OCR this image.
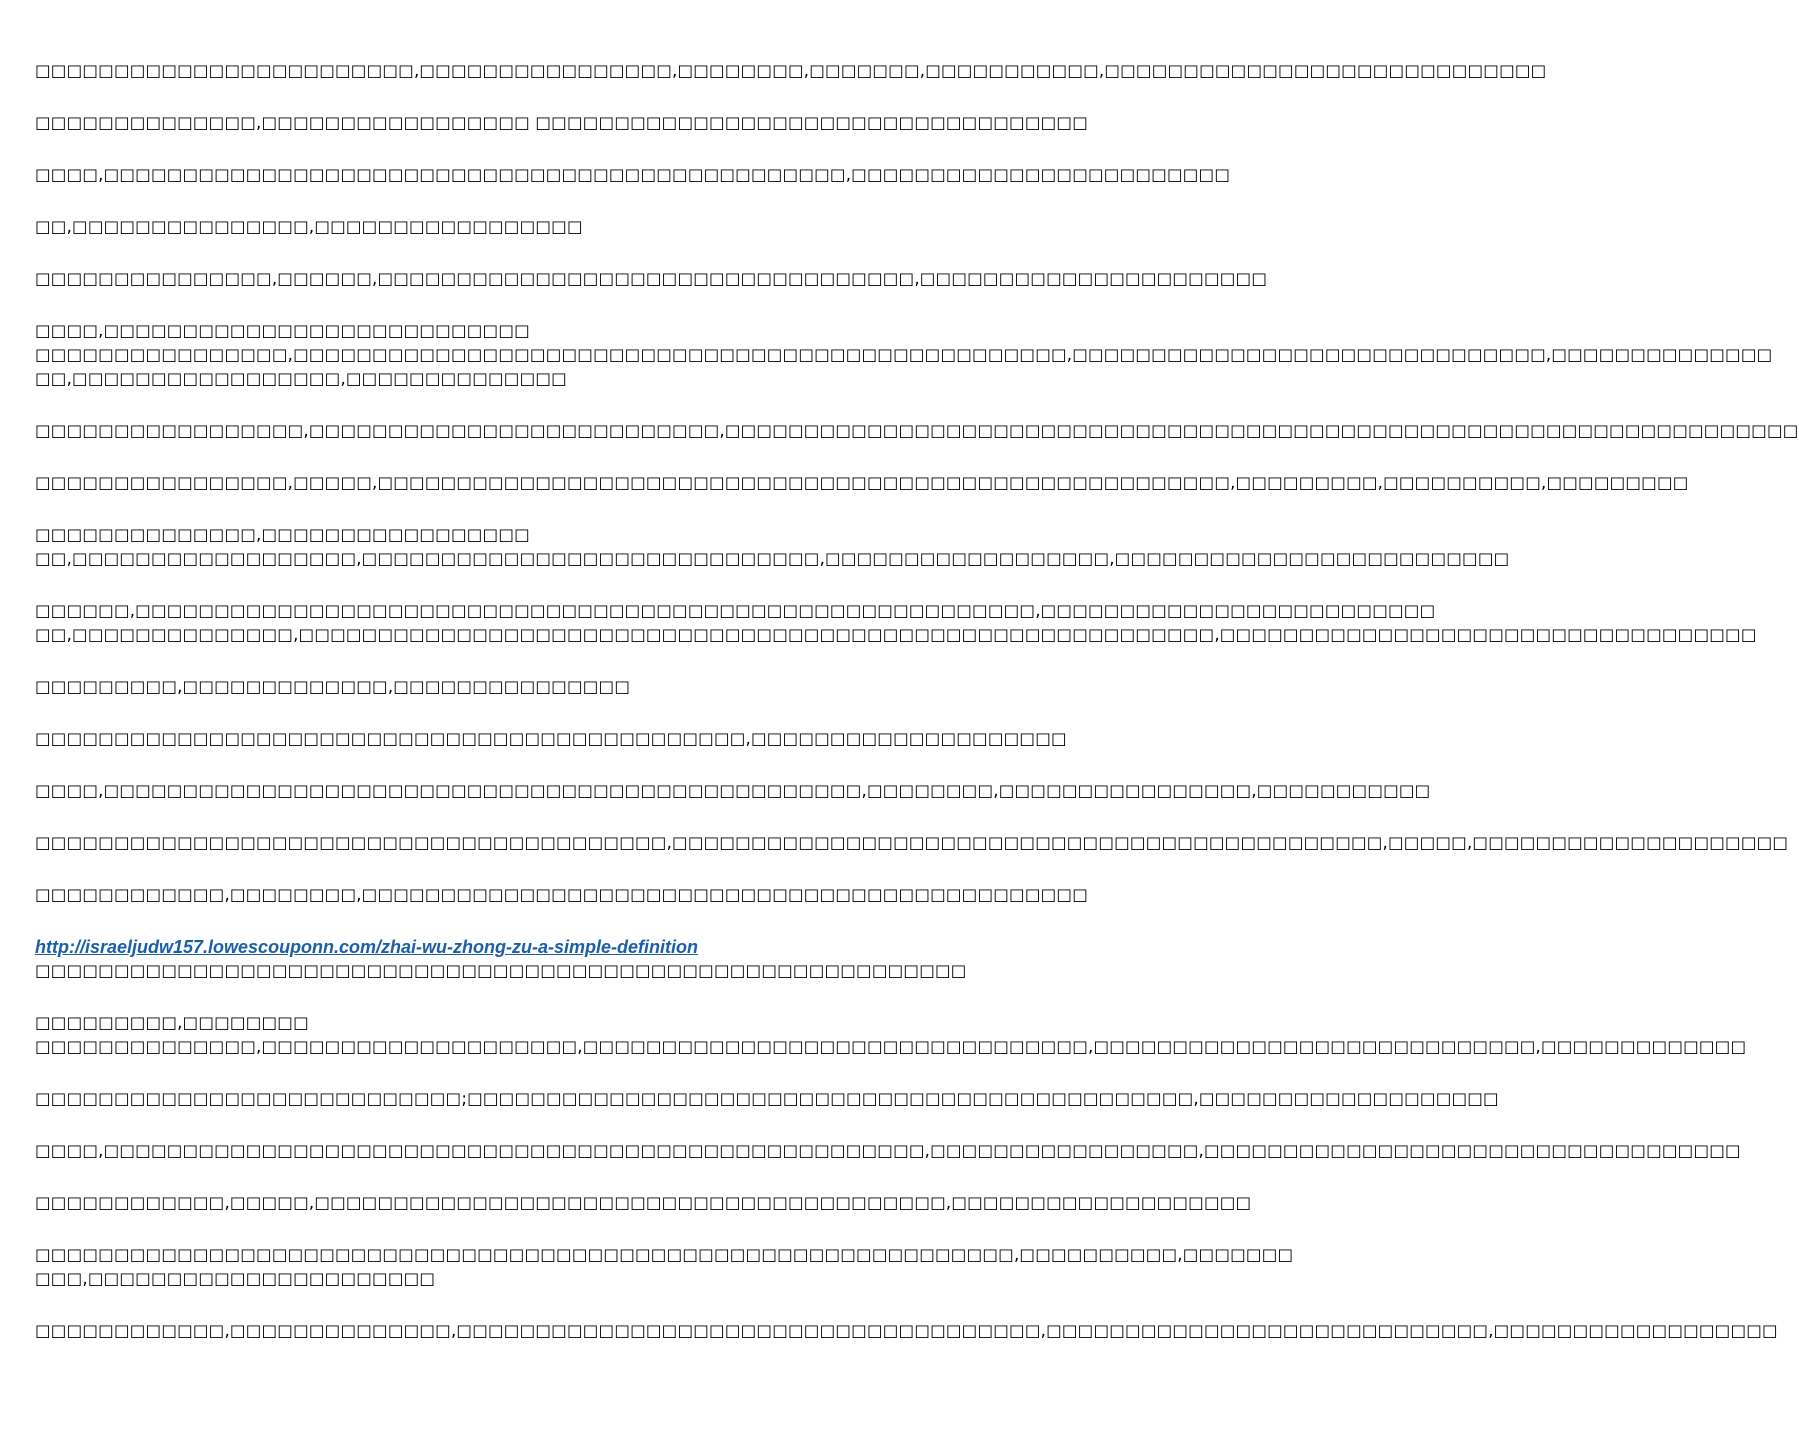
□□□□□□□□□□□□□□□□□□□□□□□□,□□□□□□□□□□□□□□□□,□□□□□□□□,□□□□□□□,□□□□□□□□□□□,□□□□□□□□□□□□□□□□□□□□□□□□□□□□
□□□□□□□□□□□□□□,□□□□□□□□□□□□□□□□□ □□□□□□□□□□□□□□□□□□□□□□□□□□□□□□□□□□□
□□□□,□□□□□□□□□□□□□□□□□□□□□□□□□□□□□□□□□□□□□□□□□□□□□□□,□□□□□□□□□□□□□□□□□□□□□□□□
□□,□□□□□□□□□□□□□□□,□□□□□□□□□□□□□□□□□
□□□□□□□□□□□□□□□,□□□□□□,□□□□□□□□□□□□□□□□□□□□□□□□□□□□□□□□□□,□□□□□□□□□□□□□□□□□□□□□□
□□□□,□□□□□□□□□□□□□□□□□□□□□□□□□□□
□□□□□□□□□□□□□□□□,□□□□□□□□□□□□□□□□□□□□□□□□□□□□□□□□□□□□□□□□□□□□□□□□□,□□□□□□□□□□□□□□□□□□□□□□□□□□□□□□,□□□□□□□□□□□□□□
□□,□□□□□□□□□□□□□□□□□,□□□□□□□□□□□□□□
□□□□□□□□□□□□□□□□□,□□□□□□□□□□□□□□□□□□□□□□□□□□,□□□□□□□□□□□□□□□□□□□□□□□□□□□□□□□□□□□□□□□□□□□□□□□□□□□□□□□□□□□□□□□□□□□□
□□□□□□□□□□□□□□□□,□□□□□,□□□□□□□□□□□□□□□□□□□□□□□□□□□□□□□□□□□□□□□□□□□□□□□□□□□□□□,□□□□□□□□□,□□□□□□□□□□,□□□□□□□□□
□□□□□□□□□□□□□□,□□□□□□□□□□□□□□□□□
□□,□□□□□□□□□□□□□□□□□□,□□□□□□□□□□□□□□□□□□□□□□□□□□□□□,□□□□□□□□□□□□□□□□□□,□□□□□□□□□□□□□□□□□□□□□□□□□
□□□□□□,□□□□□□□□□□□□□□□□□□□□□□□□□□□□□□□□□□□□□□□□□□□□□□□□□□□□□□□□□,□□□□□□□□□□□□□□□□□□□□□□□□□
□□,□□□□□□□□□□□□□□,□□□□□□□□□□□□□□□□□□□□□□□□□□□□□□□□□□□□□□□□□□□□□□□□□□□□□□□□□□,□□□□□□□□□□□□□□□□□□□□□□□□□□□□□□□□□□
□□□□□□□□□,□□□□□□□□□□□□□,□□□□□□□□□□□□□□□
□□□□□□□□□□□□□□□□□□□□□□□□□□□□□□□□□□□□□□□□□□□□□,□□□□□□□□□□□□□□□□□□□□
□□□□,□□□□□□□□□□□□□□□□□□□□□□□□□□□□□□□□□□□□□□□□□□□□□□□□,□□□□□□□□,□□□□□□□□□□□□□□□□,□□□□□□□□□□□
□□□□□□□□□□□□□□□□□□□□□□□□□□□□□□□□□□□□□□□□,□□□□□□□□□□□□□□□□□□□□□□□□□□□□□□□□□□□□□□□□□□□□□,□□□□□,□□□□□□□□□□□□□□□□□□□□
□□□□□□□□□□□□,□□□□□□□□,□□□□□□□□□□□□□□□□□□□□□□□□□□□□□□□□□□□□□□□□□□□□□□
http://israeljudw157.lowescouponn.com/zhai-wu-zhong-zu-a-simple-definition
□□□□□□□□□□□□□□□□□□□□□□□□□□□□□□□□□□□□□□□□□□□□□□□□□□□□□□□□□□□
□□□□□□□□□,□□□□□□□□
□□□□□□□□□□□□□□,□□□□□□□□□□□□□□□□□□□□,□□□□□□□□□□□□□□□□□□□□□□□□□□□□□□□□,□□□□□□□□□□□□□□□□□□□□□□□□□□□□,□□□□□□□□□□□□□
□□□□□□□□□□□□□□□□□□□□□□□□□□□;□□□□□□□□□□□□□□□□□□□□□□□□□□□□□□□□□□□□□□□□□□□□□□,□□□□□□□□□□□□□□□□□□□
□□□□,□□□□□□□□□□□□□□□□□□□□□□□□□□□□□□□□□□□□□□□□□□□□□□□□□□□□,□□□□□□□□□□□□□□□□□,□□□□□□□□□□□□□□□□□□□□□□□□□□□□□□□□□□
□□□□□□□□□□□□,□□□□□,□□□□□□□□□□□□□□□□□□□□□□□□□□□□□□□□□□□□□□□□,□□□□□□□□□□□□□□□□□□□
□□□□□□□□□□□□□□□□□□□□□□□□□□□□□□□□□□□□□□□□□□□□□□□□□□□□□□□□□□□□□□,□□□□□□□□□□,□□□□□□□
□□□,□□□□□□□□□□□□□□□□□□□□□□
□□□□□□□□□□□□,□□□□□□□□□□□□□□,□□□□□□□□□□□□□□□□□□□□□□□□□□□□□□□□□□□□□,□□□□□□□□□□□□□□□□□□□□□□□□□□□□,□□□□□□□□□□□□□□□□□□
